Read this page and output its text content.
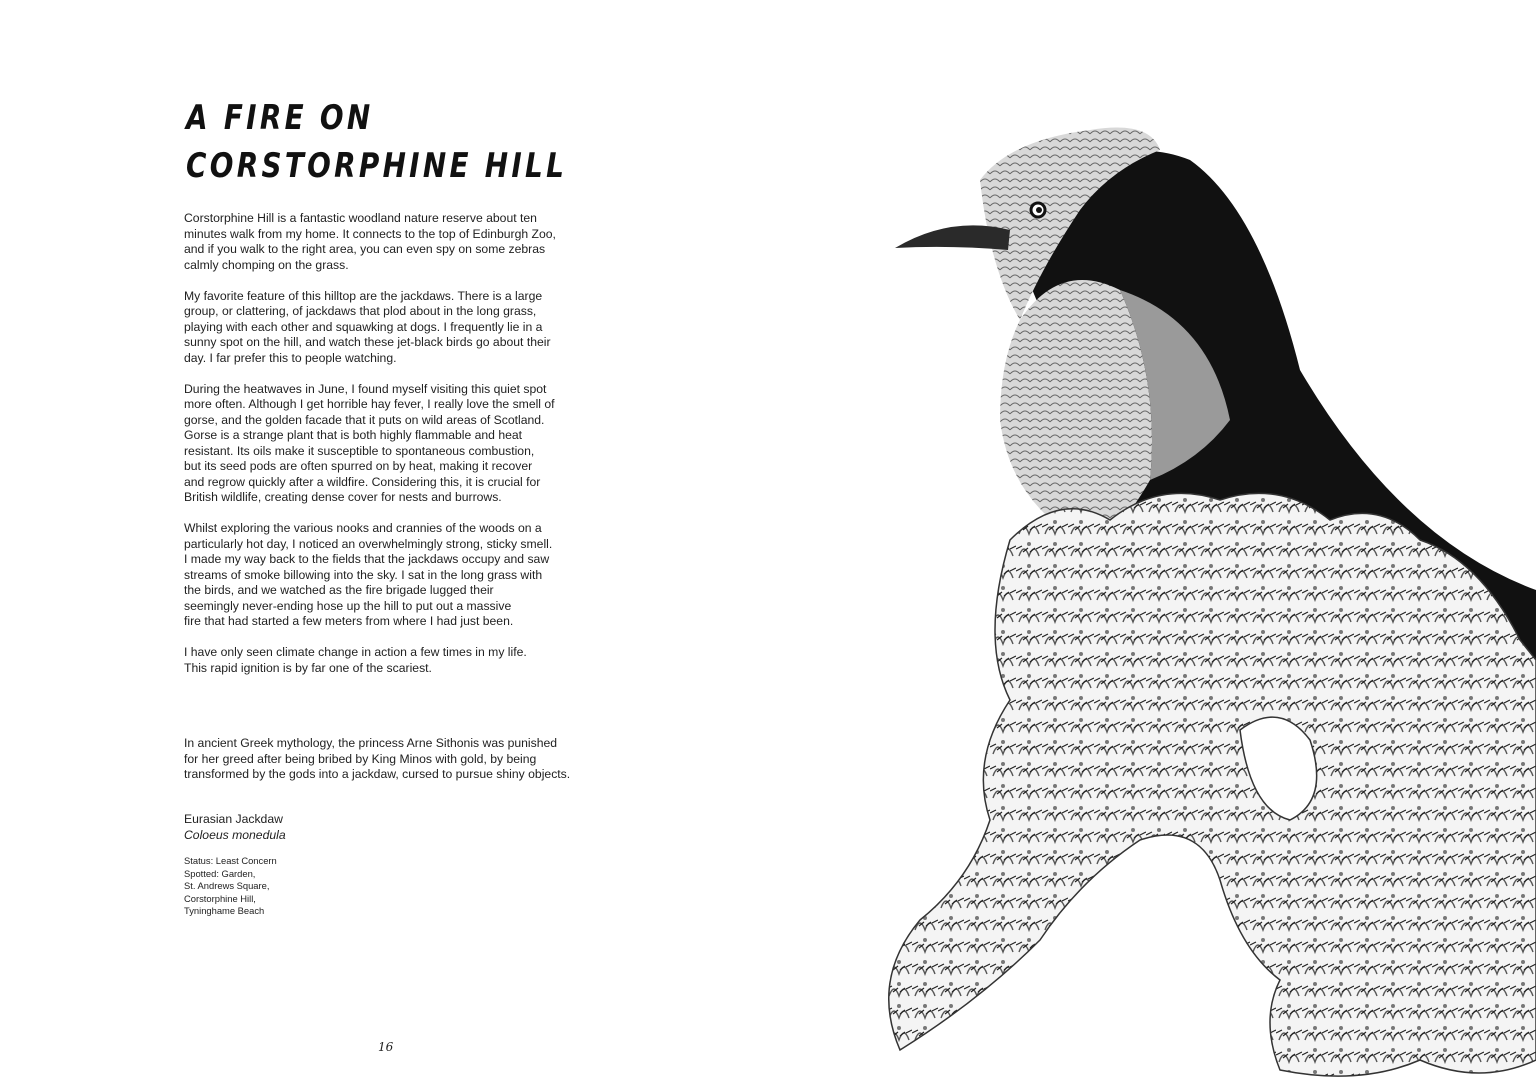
A FIRE ON
CORSTORPHINE HILL

Corstorphine Hill is a fantastic woodland nature reserve about ten
minutes walk from my home. It connects to the top of Edinburgh Zoo,
and if you walk to the right area, you can even spy on some zebras
calmly chomping on the grass.

My favorite feature of this hilltop are the jackdaws. There is a large
group, or clattering, of jackdaws that plod about in the long grass,
playing with each other and squawking at dogs. I frequently lie in a
sunny spot on the hill, and watch these jet-black birds go about their
day. I far prefer this to people watching.

During the heatwaves in June, I found myself visiting this quiet spot
more often. Although I get horrible hay fever, I really love the smell of
gorse, and the golden facade that it puts on wild areas of Scotland.
Gorse is a strange plant that is both highly flammable and heat
resistant. Its oils make it susceptible to spontaneous combustion,
but its seed pods are often spurred on by heat, making it recover
and regrow quickly after a wildfire. Considering this, it is crucial for
British wildlife, creating dense cover for nests and burrows.

Whilst exploring the various nooks and crannies of the woods on a
particularly hot day, I noticed an overwhelmingly strong, sticky smell.
I made my way back to the fields that the jackdaws occupy and saw
streams of smoke billowing into the sky. I sat in the long grass with
the birds, and we watched as the fire brigade lugged their
seemingly never-ending hose up the hill to put out a massive
fire that had started a few meters from where I had just been.

I have only seen climate change in action a few times in my life.
This rapid ignition is by far one of the scariest.

In ancient Greek mythology, the princess Arne Sithonis was punished
for her greed after being bribed by King Minos with gold, by being
transformed by the gods into a jackdaw, cursed to pursue shiny objects.

Eurasian Jackdaw
Coloeus monedula

Status: Least Concern
Spotted: Garden,
St. Andrews Square,
Corstorphine Hill,
Tyninghame Beach

16
